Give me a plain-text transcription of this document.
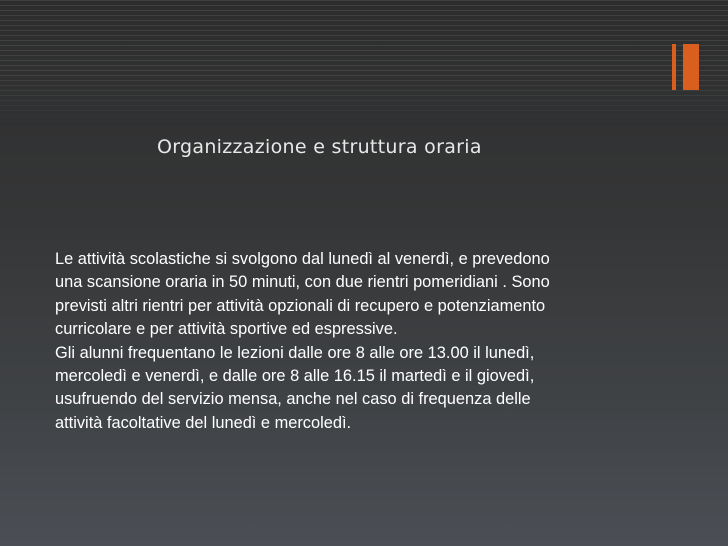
Organizzazione e struttura oraria
Le attività scolastiche si svolgono dal lunedì al venerdì, e prevedono
una scansione oraria in 50 minuti, con due rientri pomeridiani . Sono
previsti altri rientri per attività opzionali di recupero e potenziamento
curricolare e per attività sportive ed espressive.
Gli alunni frequentano le lezioni dalle ore 8 alle ore 13.00 il lunedì,
mercoledì e venerdì, e dalle ore 8 alle 16.15 il martedì e il giovedì,
usufruendo del servizio mensa, anche nel caso di frequenza delle
attività facoltative del lunedì e mercoledì.
